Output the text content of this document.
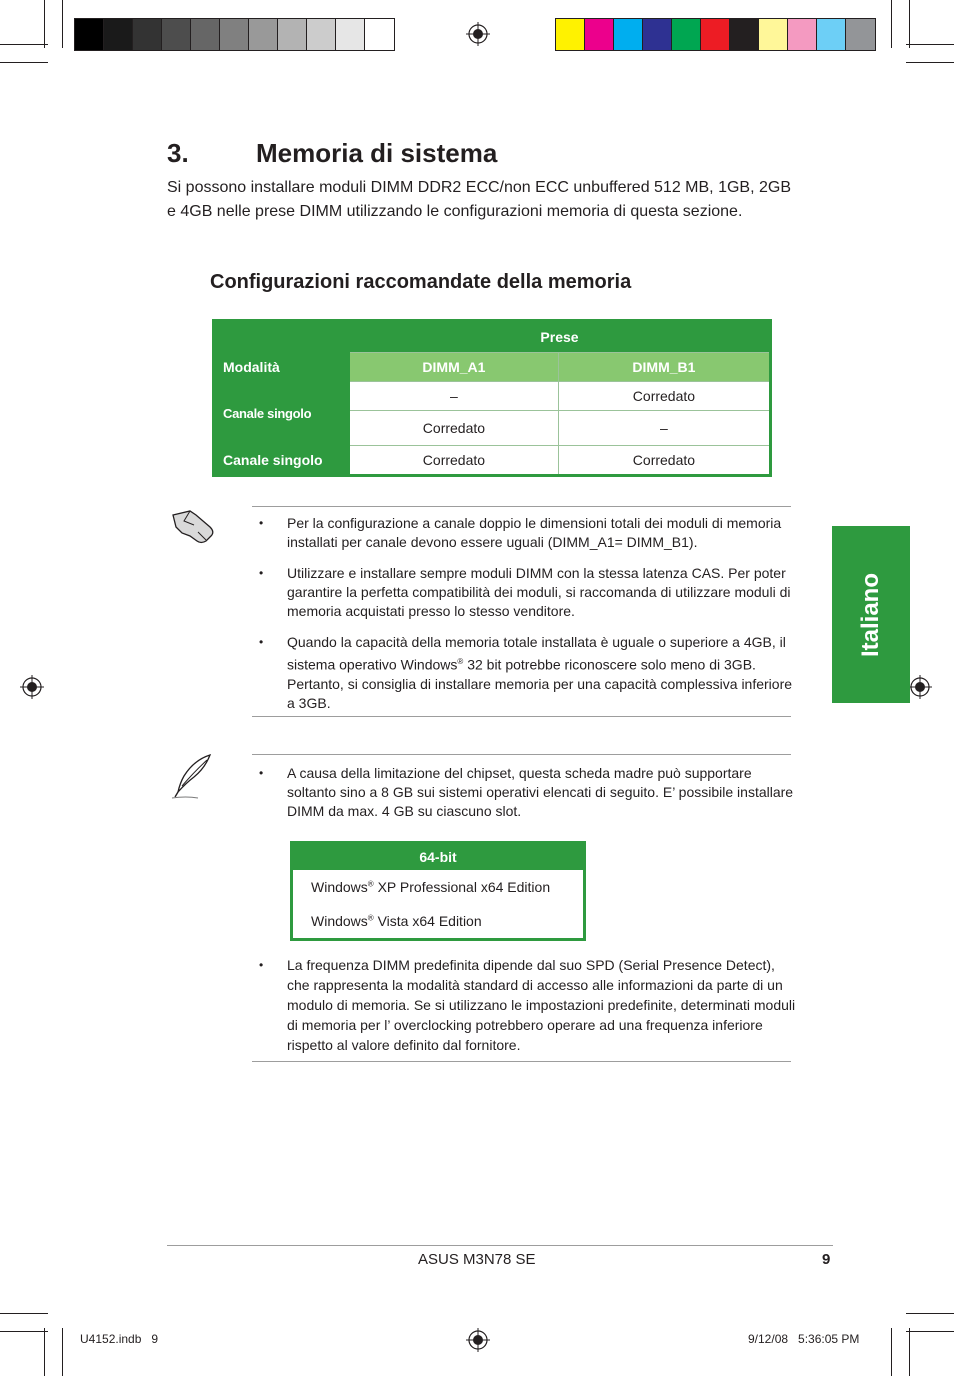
3.	Memoria di sistema
Si possono installare moduli DIMM DDR2 ECC/non ECC unbuffered 512 MB, 1GB, 2GB e 4GB nelle prese DIMM utilizzando le configurazioni memoria di questa sezione.
Configurazioni raccomandate della memoria
	Prese	
Modalità	DIMM_A1	DIMM_B1
Canale singolo	–	Corredato
	Corredato	–
Canale singolo	Corredato	Corredato
Italiano
• Per la configurazione a canale doppio le dimensioni totali dei moduli di memoria installati per canale devono essere uguali (DIMM_A1= DIMM_B1).
• Utilizzare e installare sempre moduli DIMM con la stessa latenza CAS. Per poter garantire la perfetta compatibilità dei moduli, si raccomanda di utilizzare moduli di memoria acquistati presso lo stesso venditore.
• Quando la capacità della memoria totale installata è uguale o superiore a 4GB, il sistema operativo Windows® 32 bit potrebbe riconoscere solo meno di 3GB. Pertanto, si consiglia di installare memoria per una capacità complessiva inferiore a 3GB.
• A causa della limitazione del chipset, questa scheda madre può supportare soltanto sino a 8 GB sui sistemi operativi elencati di seguito. E’ possibile installare DIMM da max. 4 GB su ciascuno slot.
64-bit
Windows® XP Professional x64 Edition
Windows® Vista x64 Edition
• La frequenza DIMM predefinita dipende dal suo SPD (Serial Presence Detect), che rappresenta la modalità standard di accesso alle informazioni da parte di un modulo di memoria. Se si utilizzano le impostazioni predefinite, determinati moduli di memoria per l’ overclocking potrebbero operare ad una frequenza inferiore rispetto al valore definito dal fornitore.
ASUS M3N78 SE	9
U4152.indb   9	9/12/08   5:36:05 PM
